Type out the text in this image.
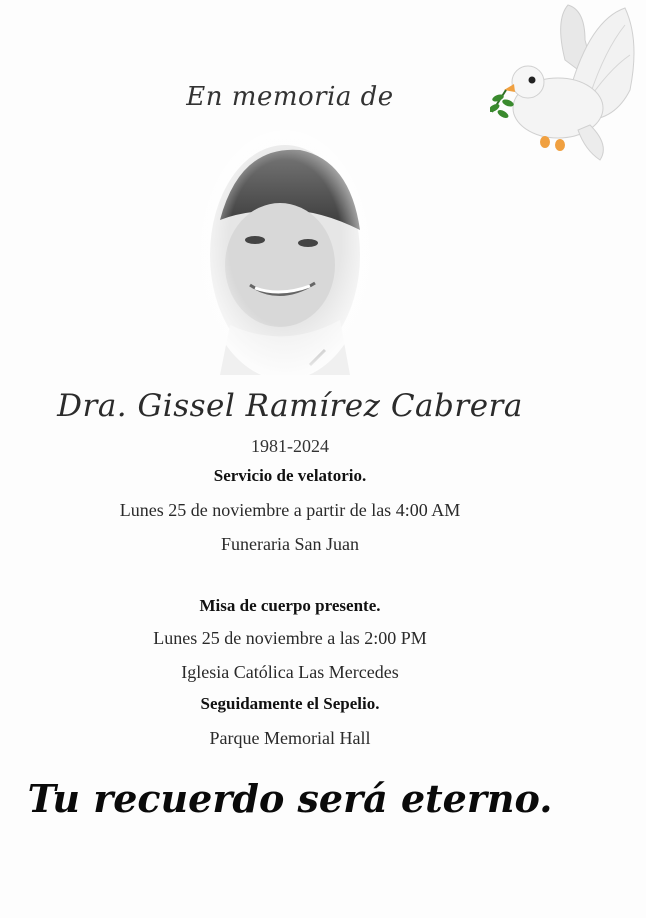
En memoria de
Dra. Gissel Ramírez Cabrera
1981-2024
Servicio de velatorio.
Lunes 25 de noviembre a partir de las 4:00 AM
Funeraria San Juan
Misa de cuerpo presente.
Lunes 25 de noviembre a las 2:00 PM
Iglesia Católica Las Mercedes
Seguidamente el Sepelio.
Parque Memorial Hall
Tu recuerdo será eterno.
